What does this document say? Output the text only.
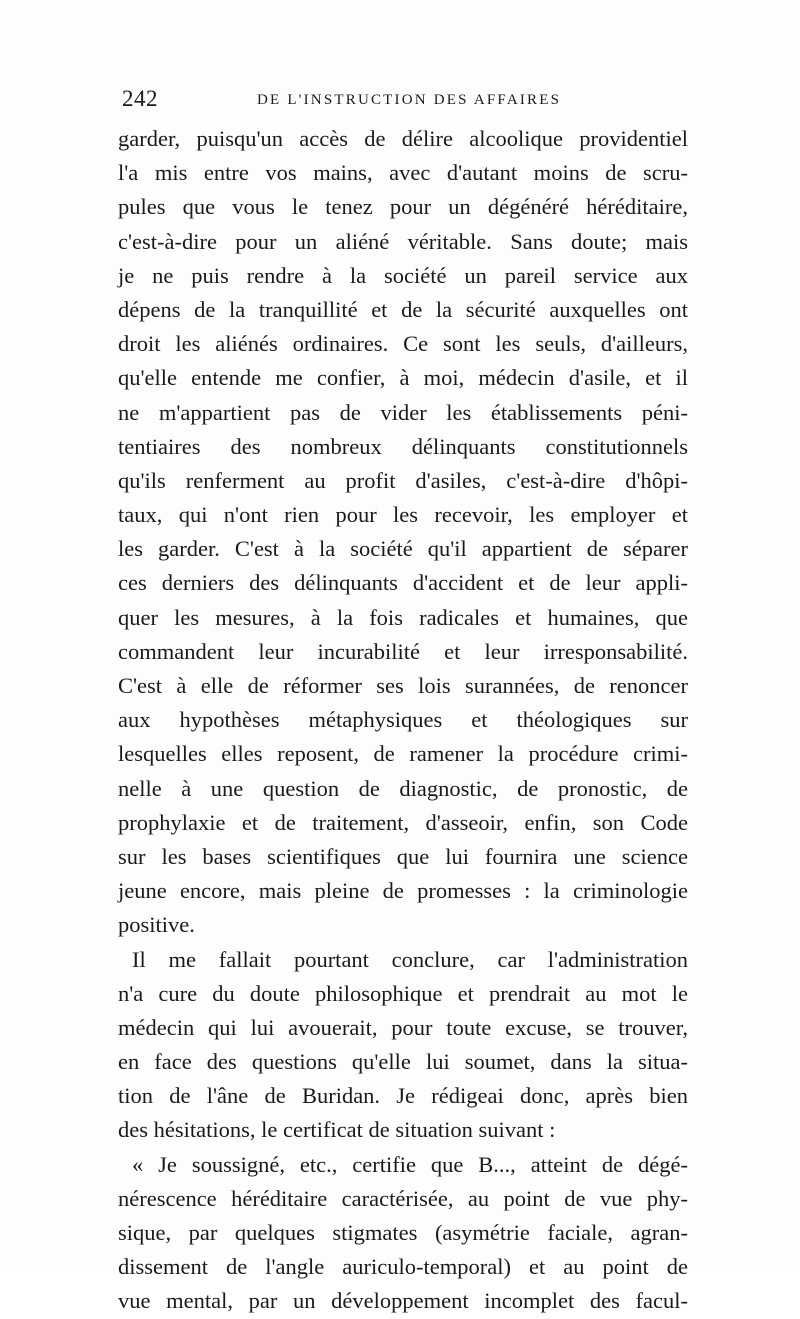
242	DE L'INSTRUCTION DES AFFAIRES
garder, puisqu'un accès de délire alcoolique providentiel
l'a mis entre vos mains, avec d'autant moins de scru-
pules que vous le tenez pour un dégénéré héréditaire,
c'est-à-dire pour un aliéné véritable. Sans doute; mais
je ne puis rendre à la société un pareil service aux
dépens de la tranquillité et de la sécurité auxquelles ont
droit les aliénés ordinaires. Ce sont les seuls, d'ailleurs,
qu'elle entende me confier, à moi, médecin d'asile, et il
ne m'appartient pas de vider les établissements péni-
tentiaires des nombreux délinquants constitutionnels
qu'ils renferment au profit d'asiles, c'est-à-dire d'hôpi-
taux, qui n'ont rien pour les recevoir, les employer et
les garder. C'est à la société qu'il appartient de séparer
ces derniers des délinquants d'accident et de leur appli-
quer les mesures, à la fois radicales et humaines, que
commandent leur incurabilité et leur irresponsabilité.
C'est à elle de réformer ses lois surannées, de renoncer
aux hypothèses métaphysiques et théologiques sur
lesquelles elles reposent, de ramener la procédure crimi-
nelle à une question de diagnostic, de pronostic, de
prophylaxie et de traitement, d'asseoir, enfin, son Code
sur les bases scientifiques que lui fournira une science
jeune encore, mais pleine de promesses : la criminologie
positive.
Il me fallait pourtant conclure, car l'administration
n'a cure du doute philosophique et prendrait au mot le
médecin qui lui avouerait, pour toute excuse, se trouver,
en face des questions qu'elle lui soumet, dans la situa-
tion de l'âne de Buridan. Je rédigeai donc, après bien
des hésitations, le certificat de situation suivant :
« Je soussigné, etc., certifie que B..., atteint de dégé-
nérescence héréditaire caractérisée, au point de vue phy-
sique, par quelques stigmates (asymétrie faciale, agran-
dissement de l'angle auriculo-temporal) et au point de
vue mental, par un développement incomplet des facul-
